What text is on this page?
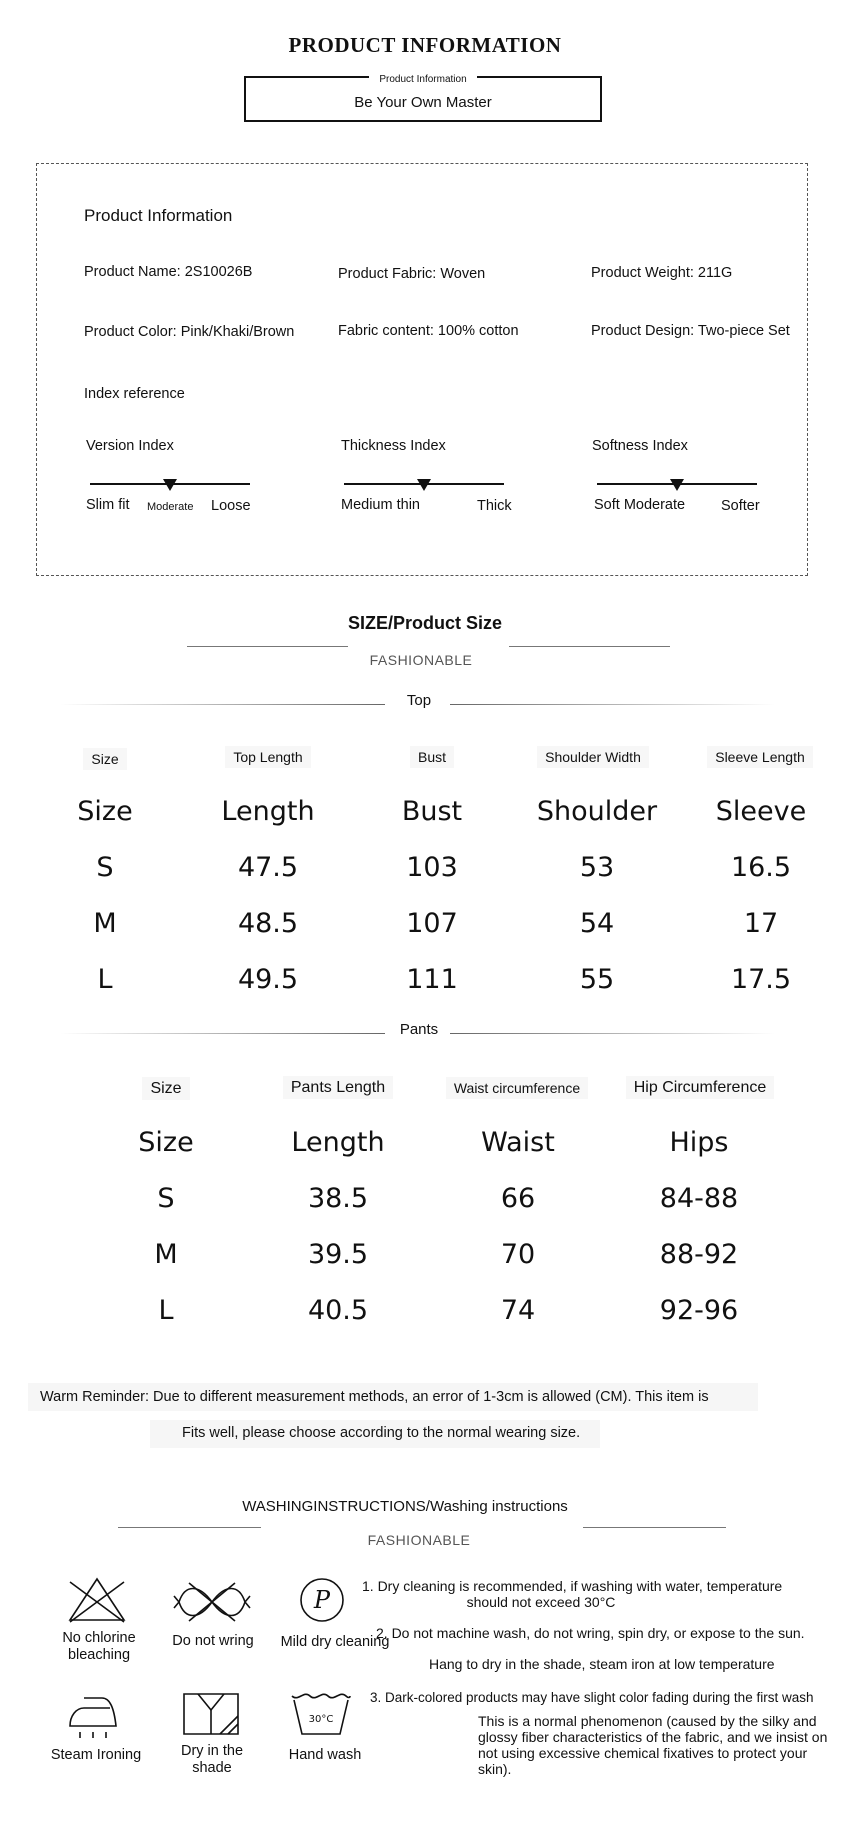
PRODUCT INFORMATION
Product Information
Be Your Own Master
Product Information
Product Name: 2S10026B	Product Fabric: Woven	Product Weight: 211G
Product Color: Pink/Khaki/Brown	Fabric content: 100% cotton	Product Design: Two-piece Set
Index reference
Version Index
Slim fit Moderate Loose
Thickness Index
Medium thin	Thick
Softness Index
Soft Moderate Softer
SIZE/Product Size
FASHIONABLE
Top
Size	Top Length	Bust	Shoulder Width	Sleeve Length
Size	Length	Bust	Shoulder	Sleeve
S	47.5	103	53	16.5
M	48.5	107	54	17
L	49.5	111	55	17.5
Pants
Size	Pants Length	Waist circumference	Hip Circumference
Size	Length	Waist	Hips
S	38.5	66	84-88
M	39.5	70	88-92
L	40.5	74	92-96
Warm Reminder: Due to different measurement methods, an error of 1-3cm is allowed (CM). This item is
Fits well, please choose according to the normal wearing size.
WASHINGINSTRUCTIONS/Washing instructions
FASHIONABLE
No chlorine bleaching
Do not wring
P
Mild dry cleaning
Steam Ironing	Dry in the shade
30°C
Hand wash
1. Dry cleaning is recommended, if washing with water, temperature
should not exceed 30°C
2. Do not machine wash, do not wring, spin dry, or expose to the sun.
Hang to dry in the shade, steam iron at low temperature
3. Dark-colored products may have slight color fading during the first wash
This is a normal phenomenon (caused by the silky and glossy fiber characteristics of the fabric, and we insist on not using excessive chemical fixatives to protect your skin).
